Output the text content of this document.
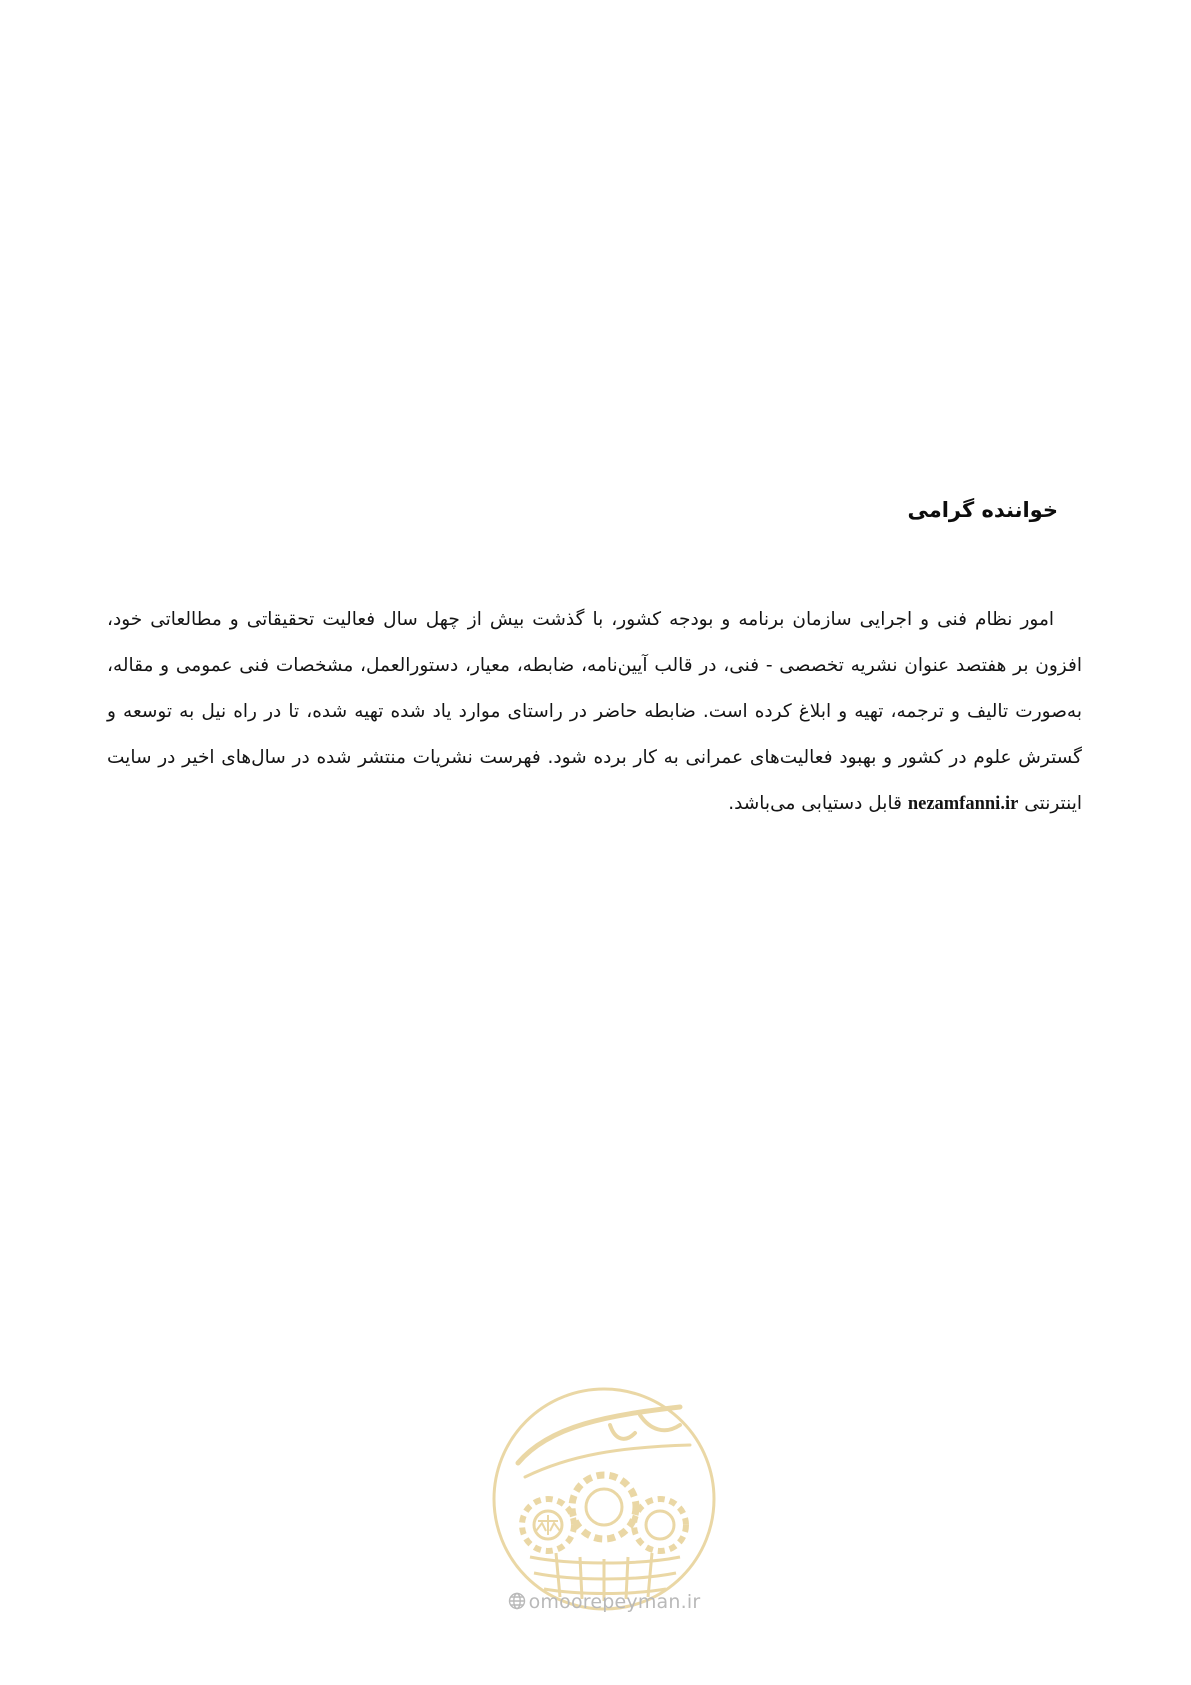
خواننده گرامی

امور نظام فنی و اجرایی سازمان برنامه و بودجه کشور، با گذشت بیش از چهل سال فعالیت تحقیقاتی و مطالعاتی خود، افزون بر هفتصد عنوان نشریه تخصصی - فنی، در قالب آیین‌نامه، ضابطه، معیار، دستورالعمل، مشخصات فنی عمومی و مقاله، به‌صورت تالیف و ترجمه، تهیه و ابلاغ کرده است. ضابطه حاضر در راستای موارد یاد شده تهیه شده، تا در راه نیل به توسعه و گسترش علوم در کشور و بهبود فعالیت‌های عمرانی به کار برده شود. فهرست نشریات منتشر شده در سال‌های اخیر در سایت اینترنتی nezamfanni.ir قابل دستیابی می‌باشد.

omoorepeyman.ir
